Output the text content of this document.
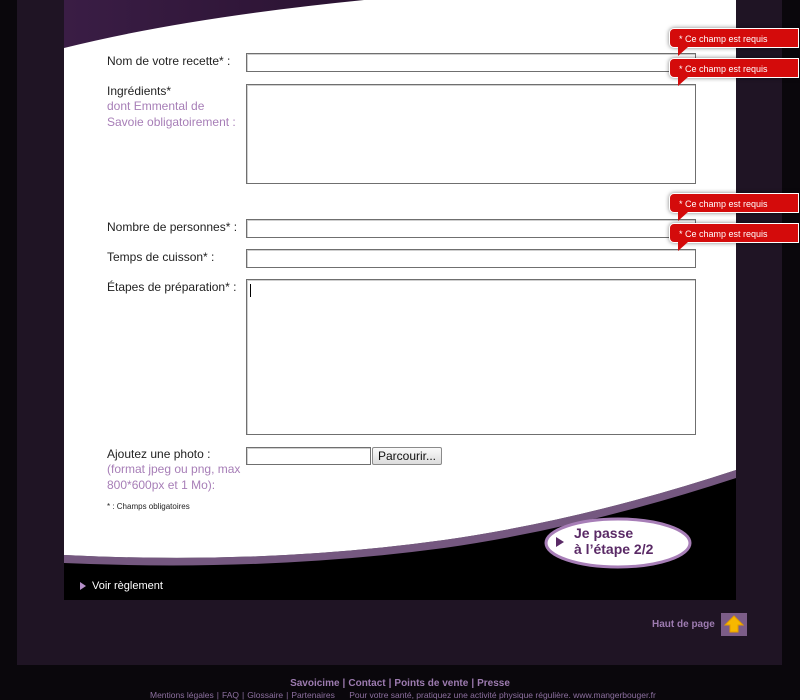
Nom de votre recette* :
Ingrédients*
dont Emmental de Savoie obligatoirement :
Nombre de personnes* :
Temps de cuisson* :
Étapes de préparation* :
Ajoutez une photo :
(format jpeg ou png, max 800*600px et 1 Mo):
Parcourir...
* : Champs obligatoires
* Ce champ est requis
* Ce champ est requis
* Ce champ est requis
* Ce champ est requis
Je passe
à l’étape 2/2
Voir règlement
Haut de page
Savoicime | Contact | Points de vente | Presse
Mentions légales | FAQ | Glossaire | Partenaires Pour votre santé, pratiquez une activité physique régulière. www.mangerbouger.fr
